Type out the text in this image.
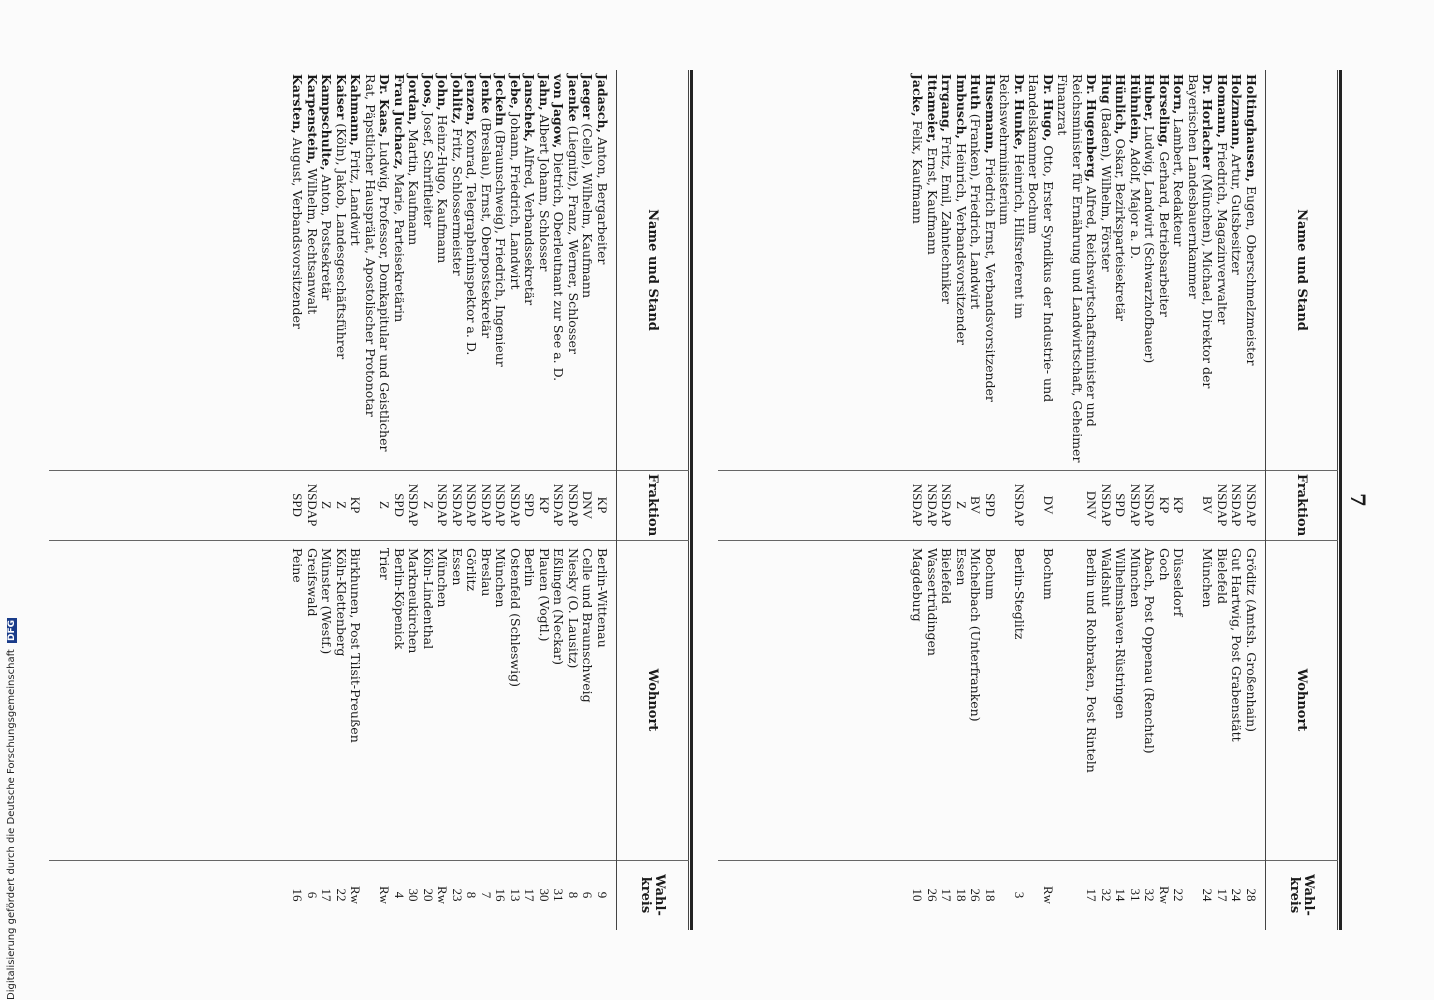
7
Name und Stand
Fraktion
Wohnort
Wahl-
kreis
Holtinghausen, Eugen, Oberschmelzmeister
NSDAP
Gröditz (Amtsh. Großenhain)
28
Holzmann, Artur, Gutsbesitzer
NSDAP
Gut Hartwig, Post Grabenstätt
24
Homann, Friedrich, Magazinverwalter
NSDAP
Bielefeld
17
Dr. Horlacher (München), Michael, Direktor der Bayerischen Landesbauernkammer
BV
München
24
Horn, Lambert, Redakteur
KP
Düsseldorf
22
Horseling, Gerhard, Betriebsarbeiter
KP
Goch
Rw
Huber, Ludwig, Landwirt (Schwarzhofbauer)
NSDAP
Abach, Post Oppenau (Renchtal)
32
Hühnlein, Adolf, Major a. D.
NSDAP
München
31
Hünlich, Oskar, Bezirksparteisekretär
SPD
Wilhelmshaven-Rüstringen
14
Hug (Baden), Wilhelm, Förster
NSDAP
Waldshut
32
Dr. Hugenberg, Alfred, Reichswirtschaftsminister und Reichsminister für Ernährung und Landwirtschaft, Geheimer Finanzrat
DNV
Berlin und Rohbraken, Post Rinteln
17
Dr. Hugo, Otto, Erster Syndikus der Industrie- und Handelskammer Bochum
DV
Bochum
Rw
Dr. Hunke, Heinrich, Hilfsreferent im Reichswehrministerium
NSDAP
Berlin-Steglitz
3
Husemann, Friedrich Ernst, Verbandsvorsitzender
SPD
Bochum
18
Huth (Franken), Friedrich, Landwirt
BV
Michelbach (Unterfranken)
26
Imbusch, Heinrich, Verbandsvorsitzender
Z
Essen
18
Irrgang, Fritz, Emil, Zahntechniker
NSDAP
Bielefeld
17
Ittameier, Ernst, Kaufmann
NSDAP
Wassertrüdingen
26
Jacke, Felix, Kaufmann
NSDAP
Magdeburg
10
Name und Stand
Fraktion
Wohnort
Wahl-
kreis
Jadasch, Anton, Bergarbeiter
KP
Berlin-Wittenau
9
Jaeger (Celle), Wilhelm, Kaufmann
DNV
Celle und Braunschweig
6
Jaenke (Liegnitz), Franz, Werner, Schlosser
NSDAP
Niesky (O. Lausitz)
8
von Jagow, Dietrich, Oberleutnant zur See a. D.
NSDAP
Eßlingen (Neckar)
31
Jahn, Albert Johann, Schlosser
KP
Plauen (Vogtl.)
30
Janschek, Alfred, Verbandssekretär
SPD
Berlin
17
Jebe, Johann, Friedrich, Landwirt
NSDAP
Ostenfeld (Schleswig)
13
Jeckeln (Braunschweig), Friedrich, Ingenieur
NSDAP
München
16
Jenke (Breslau), Ernst, Oberpostsekretär
NSDAP
Breslau
7
Jenzen, Konrad, Telegrapheninspektor a. D.
NSDAP
Görlitz
8
Johlitz, Fritz, Schlossermeister
NSDAP
Essen
23
John, Heinz-Hugo, Kaufmann
NSDAP
München
Rw
Joos, Josef, Schriftleiter
Z
Köln-Lindenthal
20
Jordan, Martin, Kaufmann
NSDAP
Markneukirchen
30
Frau Juchacz, Marie, Parteisekretärin
SPD
Berlin-Köpenick
4
Dr. Kaas, Ludwig, Professor, Domkapitular und Geistlicher Rat, Päpstlicher Hausprälat, Apostolischer Protonotar
Z
Trier
Rw
Kahmann, Fritz, Landwirt
KP
Birkhunen, Post Tilsit-Preußen
Rw
Kaiser (Köln), Jakob, Landesgeschäftsführer
Z
Köln-Klettenberg
22
Kampschulte, Anton, Postsekretär
Z
Münster (Westf.)
17
Karpenstein, Wilhelm, Rechtsanwalt
NSDAP
Greifswald
6
Karsten, August, Verbandsvorsitzender
SPD
Peine
16
Digitalisierung gefördert durch die Deutsche Forschungsgemeinschaft DFG
